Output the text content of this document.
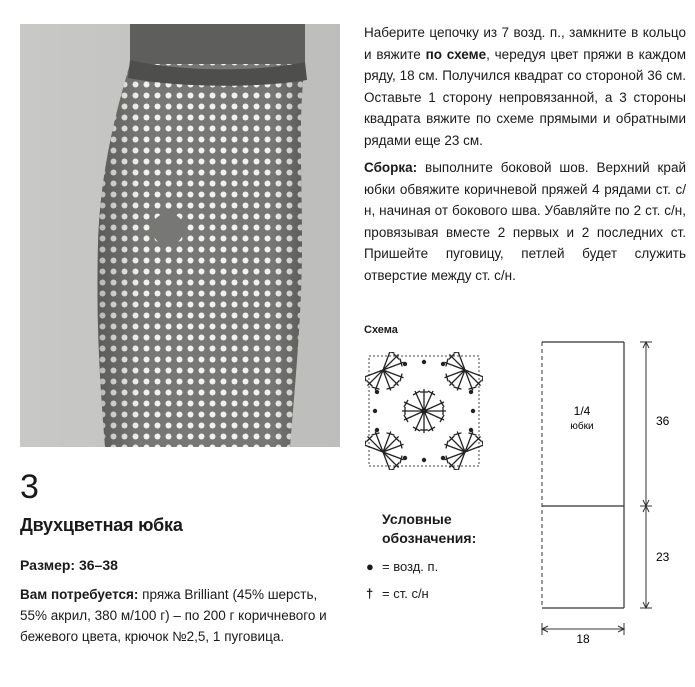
3
Двухцветная юбка
Размер: 36–38
Вам потребуется: пряжа Brilliant (45% шерсть, 55% акрил, 380 м/100 г) – по 200 г коричневого и бежевого цвета, крючок №2,5, 1 пуговица.
Наберите цепочку из 7 возд. п., замкните в кольцо и вяжите по схеме, чередуя цвет пряжи в каждом ряду, 18 см. Получился квадрат со стороной 36 см. Оставьте 1 сторону непровязанной, а 3 стороны квадрата вяжите по схеме прямыми и обратными рядами еще 23 см.
Сборка: выполните боковой шов. Верхний край юбки обвяжите коричневой пряжей 4 рядами ст. с/н, начиная от бокового шва. Убавляйте по 2 ст. с/н, провязывая вместе 2 первых и 2 последних ст. Пришейте пуговицу, петлей будет служить отверстие между ст. с/н.
Схема
Условные обозначения:
● = возд. п.
† = ст. с/н
1/4
юбки	36
23
18
